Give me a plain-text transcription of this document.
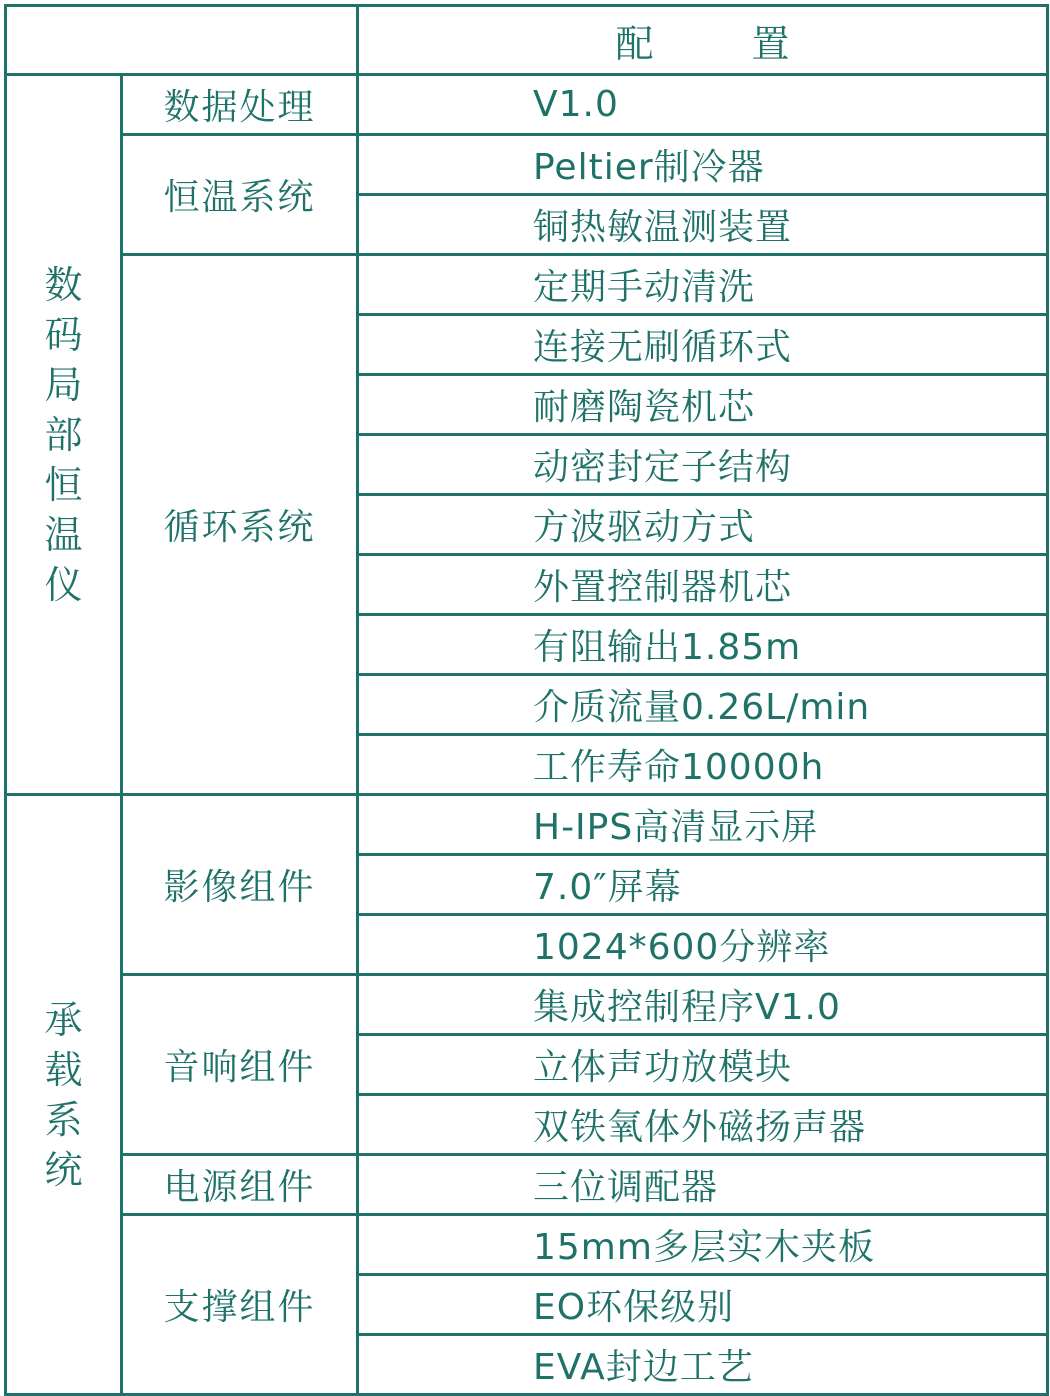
		配　置

数码局部恒温仪	数据处理	V1.0
	恒温系统	Peltier制冷器
		铜热敏温测装置
	循环系统	定期手动清洗
		连接无刷循环式
		耐磨陶瓷机芯
		动密封定子结构
		方波驱动方式
		外置控制器机芯
		有阻输出1.85m
		介质流量0.26L/min
		工作寿命10000h

承载系统	影像组件	H-IPS高清显示屏
		7.0″屏幕
		1024*600分辨率
	音响组件	集成控制程序V1.0
		立体声功放模块
		双铁氧体外磁扬声器
	电源组件	三位调配器
	支撑组件	15mm多层实木夹板
		EO环保级别
		EVA封边工艺
